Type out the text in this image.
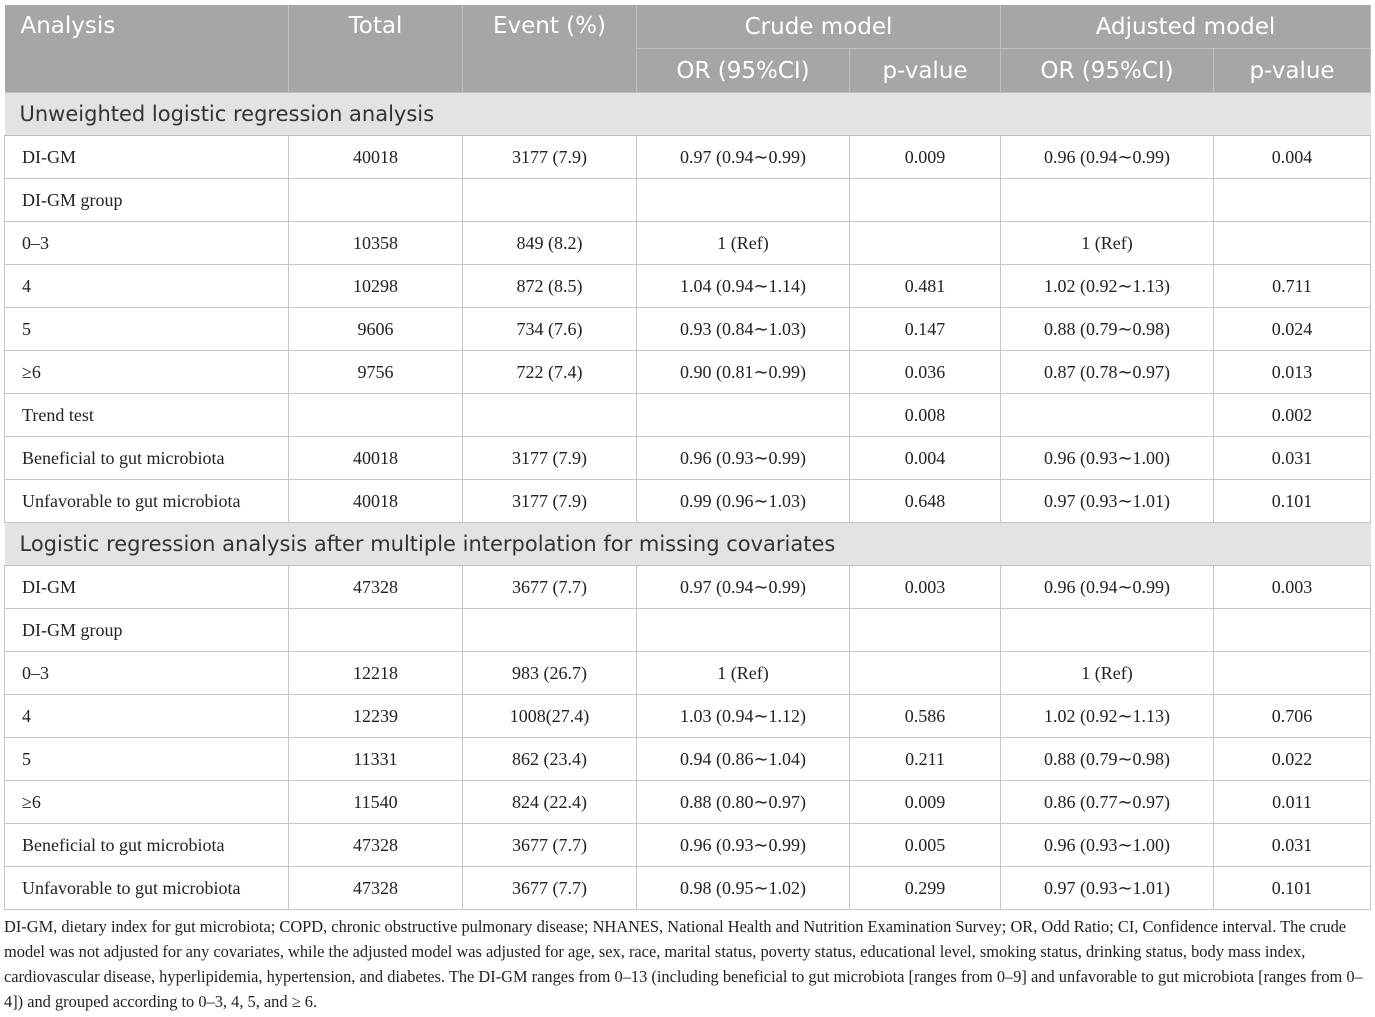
Analysis	Total	Event (%)	Crude model		Adjusted model	
			OR (95%CI)	p-value	OR (95%CI)	p-value
Unweighted logistic regression analysis						
DI-GM	40018	3177 (7.9)	0.97 (0.94∼0.99)	0.009	0.96 (0.94∼0.99)	0.004
DI-GM group						
0–3	10358	849 (8.2)	1 (Ref)		1 (Ref)	
4	10298	872 (8.5)	1.04 (0.94∼1.14)	0.481	1.02 (0.92∼1.13)	0.711
5	9606	734 (7.6)	0.93 (0.84∼1.03)	0.147	0.88 (0.79∼0.98)	0.024
≥6	9756	722 (7.4)	0.90 (0.81∼0.99)	0.036	0.87 (0.78∼0.97)	0.013
Trend test				0.008		0.002
Beneficial to gut microbiota	40018	3177 (7.9)	0.96 (0.93∼0.99)	0.004	0.96 (0.93∼1.00)	0.031
Unfavorable to gut microbiota	40018	3177 (7.9)	0.99 (0.96∼1.03)	0.648	0.97 (0.93∼1.01)	0.101
Logistic regression analysis after multiple interpolation for missing covariates						
DI-GM	47328	3677 (7.7)	0.97 (0.94∼0.99)	0.003	0.96 (0.94∼0.99)	0.003
DI-GM group						
0–3	12218	983 (26.7)	1 (Ref)		1 (Ref)	
4	12239	1008(27.4)	1.03 (0.94∼1.12)	0.586	1.02 (0.92∼1.13)	0.706
5	11331	862 (23.4)	0.94 (0.86∼1.04)	0.211	0.88 (0.79∼0.98)	0.022
≥6	11540	824 (22.4)	0.88 (0.80∼0.97)	0.009	0.86 (0.77∼0.97)	0.011
Beneficial to gut microbiota	47328	3677 (7.7)	0.96 (0.93∼0.99)	0.005	0.96 (0.93∼1.00)	0.031
Unfavorable to gut microbiota	47328	3677 (7.7)	0.98 (0.95∼1.02)	0.299	0.97 (0.93∼1.01)	0.101
DI-GM, dietary index for gut microbiota; COPD, chronic obstructive pulmonary disease; NHANES, National Health and Nutrition Examination Survey; OR, Odd Ratio; CI, Confidence interval. The crude model was not adjusted for any covariates, while the adjusted model was adjusted for age, sex, race, marital status, poverty status, educational level, smoking status, drinking status, body mass index, cardiovascular disease, hyperlipidemia, hypertension, and diabetes. The DI-GM ranges from 0–13 (including beneficial to gut microbiota [ranges from 0–9] and unfavorable to gut microbiota [ranges from 0–4]) and grouped according to 0–3, 4, 5, and ≥ 6.
